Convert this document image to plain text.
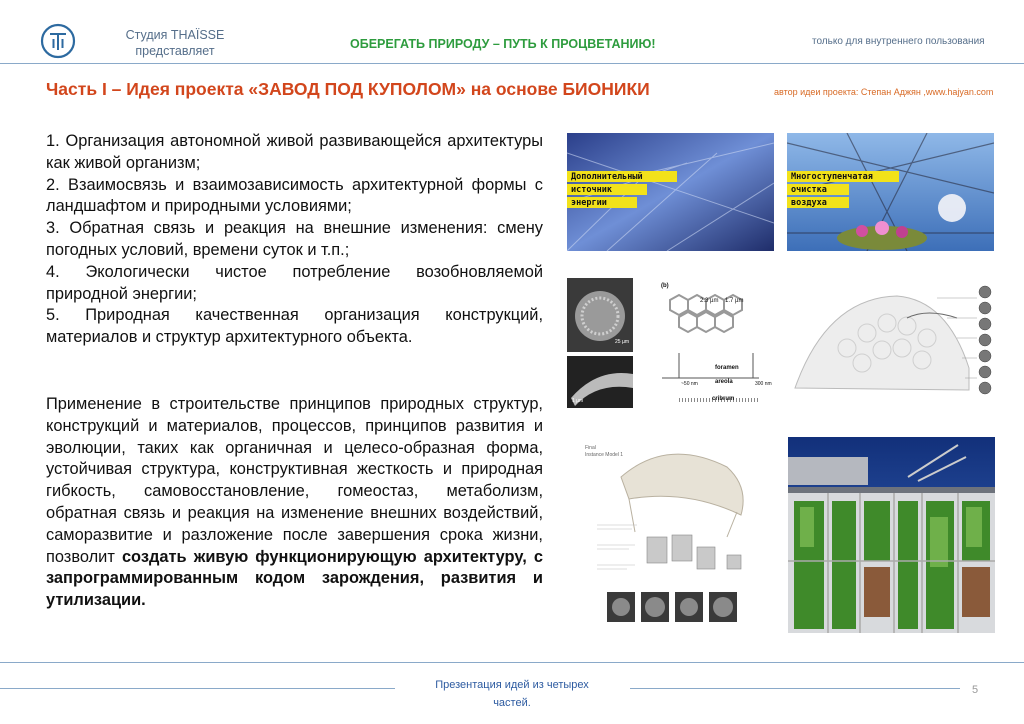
Студия THAÏSSE
представляет	ОБЕРЕГАТЬ ПРИРОДУ – ПУТЬ К ПРОЦВЕТАНИЮ!	только для внутреннего пользования
Часть I – Идея проекта «ЗАВОД ПОД КУПОЛОМ» на основе БИОНИКИ	автор идеи проекта: Степан Аджян ,www.hajyan.com

1. Организация автономной живой развивающейся архитектуры как живой организм;

2. Взаимосвязь и взаимозависимость архитектурной формы с ландшафтом и природными условиями;

3. Обратная связь и реакция на внешние изменения: смену погодных условий, времени суток и т.п.;

4. Экологически чистое потребление возобновляемой природной энергии;

5. Природная качественная организация конструкций, материалов и структур архитектурного объекта.

Применение в строительстве принципов природных структур, конструкций и материалов, процессов, принципов развития и эволюции, таких как органичная и целесо-образная форма, устойчивая структура, конструктивная жесткость и природная гибкость, самовосстановление, гомеостаз, метаболизм, обратная связь и реакция на изменение внешних воздействий, саморазвитие и разложение после завершения срока жизни, позволит создать живую функционирующую архитектуру, с запрограммированным кодом зарождения, развития и утилизации.

Дополнительный
источник
энергии
Многоступенчатая
очистка
воздуха
25 µm
1 µm
(b)
2.3 µm 1.7 µm
foramen
areola
~50 nm	300 nm
cribrum
Final
Instance Model 1
Презентация идей из четырех
частей.
5
